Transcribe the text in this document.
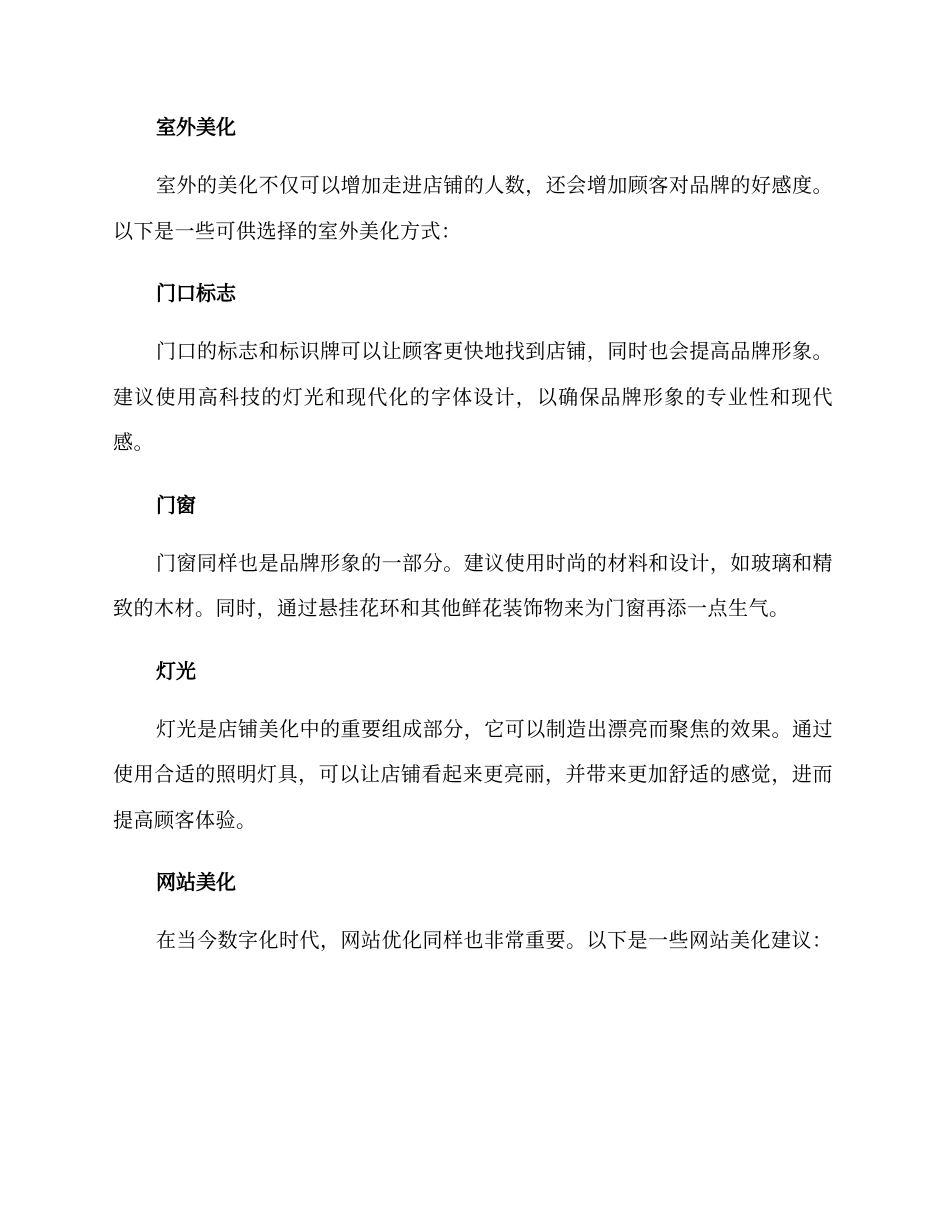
室外美化

室外的美化不仅可以增加走进店铺的人数，还会增加顾客对品牌的好感度。以下是一些可供选择的室外美化方式：

门口标志

门口的标志和标识牌可以让顾客更快地找到店铺，同时也会提高品牌形象。建议使用高科技的灯光和现代化的字体设计，以确保品牌形象的专业性和现代感。

门窗

门窗同样也是品牌形象的一部分。建议使用时尚的材料和设计，如玻璃和精致的木材。同时，通过悬挂花环和其他鲜花装饰物来为门窗再添一点生气。

灯光

灯光是店铺美化中的重要组成部分，它可以制造出漂亮而聚焦的效果。通过使用合适的照明灯具，可以让店铺看起来更亮丽，并带来更加舒适的感觉，进而提高顾客体验。

网站美化

在当今数字化时代，网站优化同样也非常重要。以下是一些网站美化建议：
